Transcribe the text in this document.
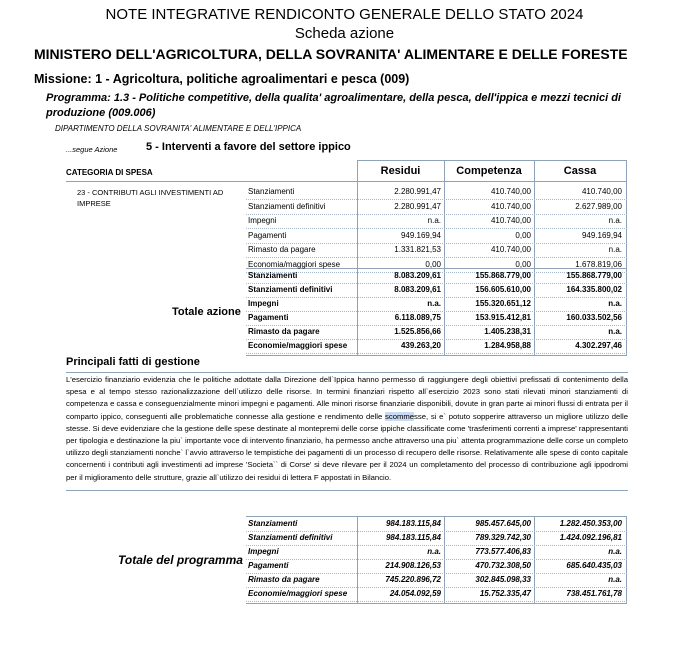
NOTE INTEGRATIVE RENDICONTO GENERALE DELLO STATO 2024
Scheda azione
MINISTERO DELL'AGRICOLTURA, DELLA SOVRANITA' ALIMENTARE E DELLE FORESTE
Missione: 1 - Agricoltura, politiche agroalimentari e pesca (009)
Programma: 1.3 - Politiche competitive, della qualita' agroalimentare, della pesca, dell'ippica e mezzi tecnici di produzione (009.006)
DIPARTIMENTO DELLA SOVRANITA' ALIMENTARE E DELL'IPPICA
...segue Azione	5 - Interventi a favore del settore ippico
CATEGORIA DI SPESA	Residui	Competenza	Cassa
23 - CONTRIBUTI AGLI INVESTIMENTI AD IMPRESE
Stanziamenti	2.280.991,47	410.740,00	410.740,00
Stanziamenti definitivi	2.280.991,47	410.740,00	2.627.989,00
Impegni	n.a.	410.740,00	n.a.
Pagamenti	949.169,94	0,00	949.169,94
Rimasto da pagare	1.331.821,53	410.740,00	n.a.
Economia/maggiori spese	0,00	0,00	1.678.819,06
Totale azione
Stanziamenti	8.083.209,61	155.868.779,00	155.868.779,00
Stanziamenti definitivi	8.083.209,61	156.605.610,00	164.335.800,02
Impegni	n.a.	155.320.651,12	n.a.
Pagamenti	6.118.089,75	153.915.412,81	160.033.502,56
Rimasto da pagare	1.525.856,66	1.405.238,31	n.a.
Economie/maggiori spese	439.263,20	1.284.958,88	4.302.297,46
Principali fatti di gestione
L'esercizio finanziario evidenzia che le politiche adottate dalla Direzione dell`Ippica hanno permesso di raggiungere degli obiettivi prefissati di contenimento della spesa e al tempo stesso razionalizzazione dell`utilizzo delle risorse. In termini finanziari rispetto all`esercizio 2023 sono stati rilevati minori stanziamenti di competenza e cassa e conseguenzialmente minori impegni e pagamenti. Alle minori risorse finanziarie disponibili, dovute in gran parte ai minori flussi di entrata per il comparto ippico, conseguenti alle problematiche connesse alla gestione e rendimento delle scommesse, si e` potuto sopperire attraverso un migliore utilizzo delle stesse. Si deve evidenziare che la gestione delle spese destinate al montepremi delle corse ippiche classificate come 'trasferimenti correnti a imprese' rappresentanti per tipologia e destinazione la piu` importante voce di intervento finanziario, ha permesso anche attraverso una piu` attenta programmazione delle corse un completo utilizzo degli stanziamenti nonche` l`avvio attraverso le tempistiche dei pagamenti di un processo di recupero delle risorse. Relativamente alle spese di conto capitale concernenti i contributi agli investimenti ad imprese 'Societa`` di Corse' si deve rilevare per il 2024 un completamento del processo di contribuzione agli ippodromi per il miglioramento delle strutture, grazie all`utilizzo dei residui di lettera F appostati in Bilancio.
Totale del programma
Stanziamenti	984.183.115,84	985.457.645,00	1.282.450.353,00
Stanziamenti definitivi	984.183.115,84	789.329.742,30	1.424.092.196,81
Impegni	n.a.	773.577.406,83	n.a.
Pagamenti	214.908.126,53	470.732.308,50	685.640.435,03
Rimasto da pagare	745.220.896,72	302.845.098,33	n.a.
Economie/maggiori spese	24.054.092,59	15.752.335,47	738.451.761,78
